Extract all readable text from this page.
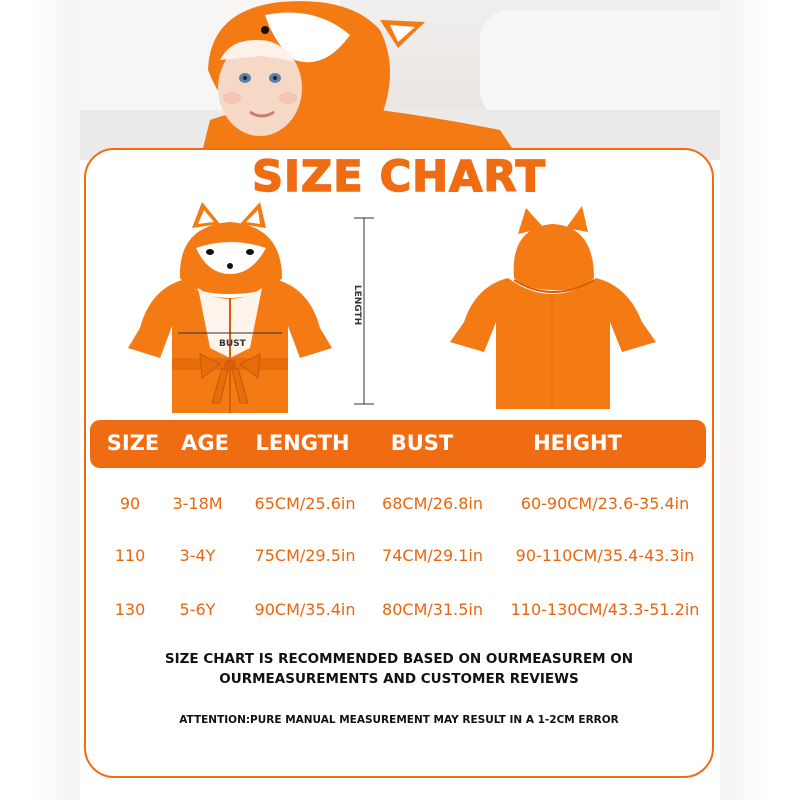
SIZE CHART
BUST
LENGTH
SIZE	AGE	LENGTH	BUST	HEIGHT
90	3-18M	65CM/25.6in	68CM/26.8in	60-90CM/23.6-35.4in
110	3-4Y	75CM/29.5in	74CM/29.1in	90-110CM/35.4-43.3in
130	5-6Y	90CM/35.4in	80CM/31.5in	110-130CM/43.3-51.2in
SIZE CHART IS RECOMMENDED BASED ON OURMEASUREM ON
OURMEASUREMENTS AND CUSTOMER REVIEWS
ATTENTION:PURE MANUAL MEASUREMENT MAY RESULT IN A 1-2CM ERROR
